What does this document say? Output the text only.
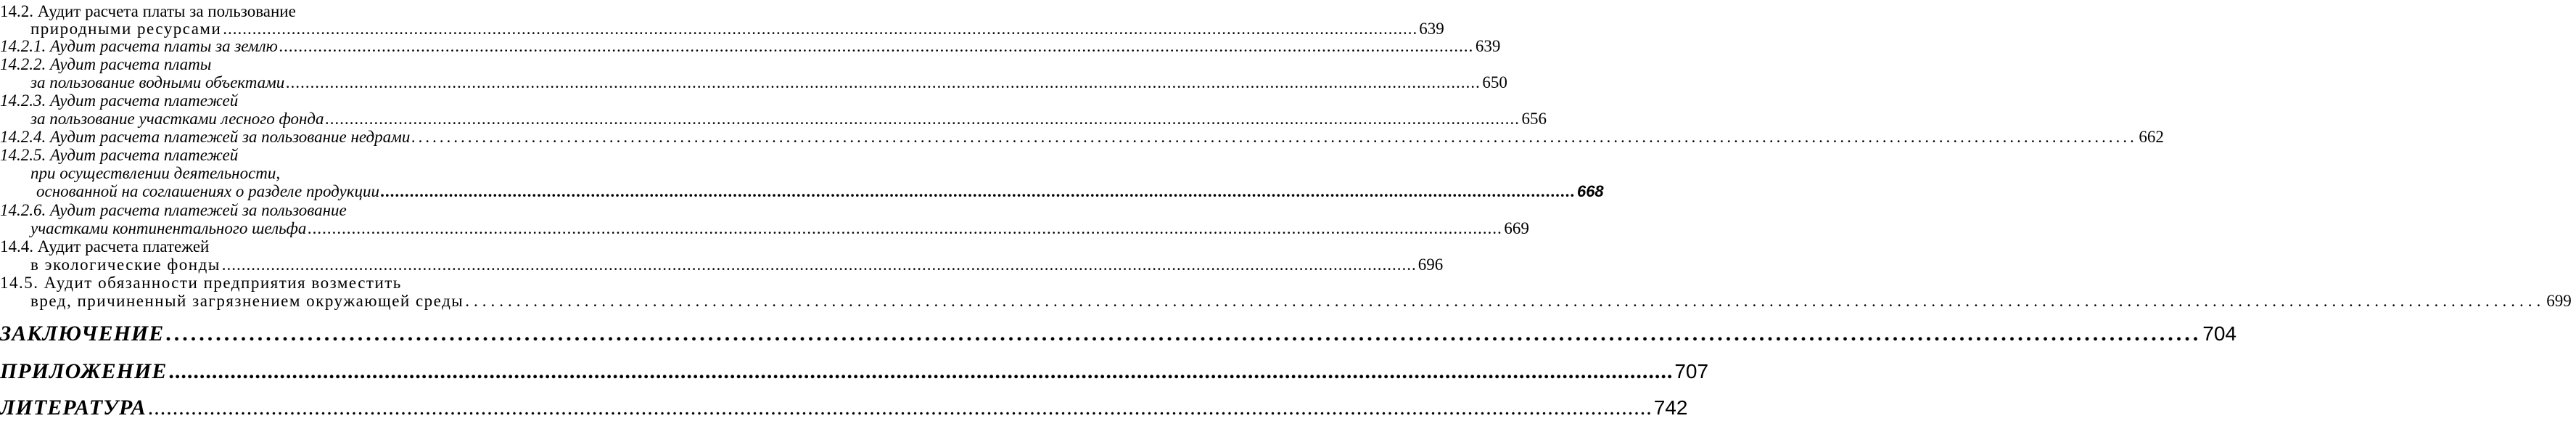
14.2. Аудит расчета платы за пользование
природными ресурсами .....	639
14.2.1. Аудит расчета платы за землю .....	639
14.2.2. Аудит расчета платы
за пользование водными объектами .....	650
14.2.3. Аудит расчета платежей
за пользование участками лесного фонда .....	656
14.2.4. Аудит расчета платежей за пользование недрами .....	662
14.2.5. Аудит расчета платежей
при осуществлении деятельности,
основанной на соглашениях о разделе продукции .....	668
14.2.6. Аудит расчета платежей за пользование
участками континентального шельфа .....	669
14.4. Аудит расчета платежей
в экологические фонды .....	696
14.5. Аудит обязанности предприятия возместить
вред, причиненный загрязнением окружающей среды .....	699
ЗАКЛЮЧЕНИЕ .....	704
ПРИЛОЖЕНИЕ .....	707
ЛИТЕРАТУРА .....	742
